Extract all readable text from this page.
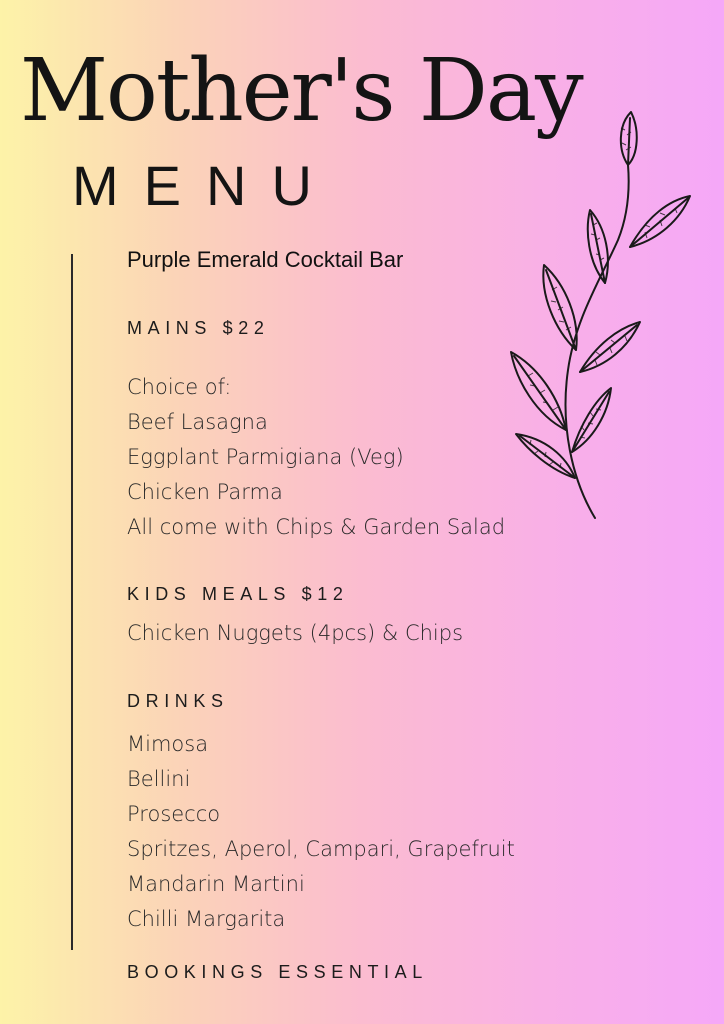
Mother's Day
MENU
Purple Emerald Cocktail Bar
MAINS $22
Choice of:
Beef Lasagna
Eggplant Parmigiana (Veg)
Chicken Parma
All come with Chips & Garden Salad
KIDS MEALS $12
Chicken Nuggets (4pcs) & Chips
DRINKS
Mimosa
Bellini
Prosecco
Spritzes, Aperol, Campari, Grapefruit
Mandarin Martini
Chilli Margarita
BOOKINGS ESSENTIAL
